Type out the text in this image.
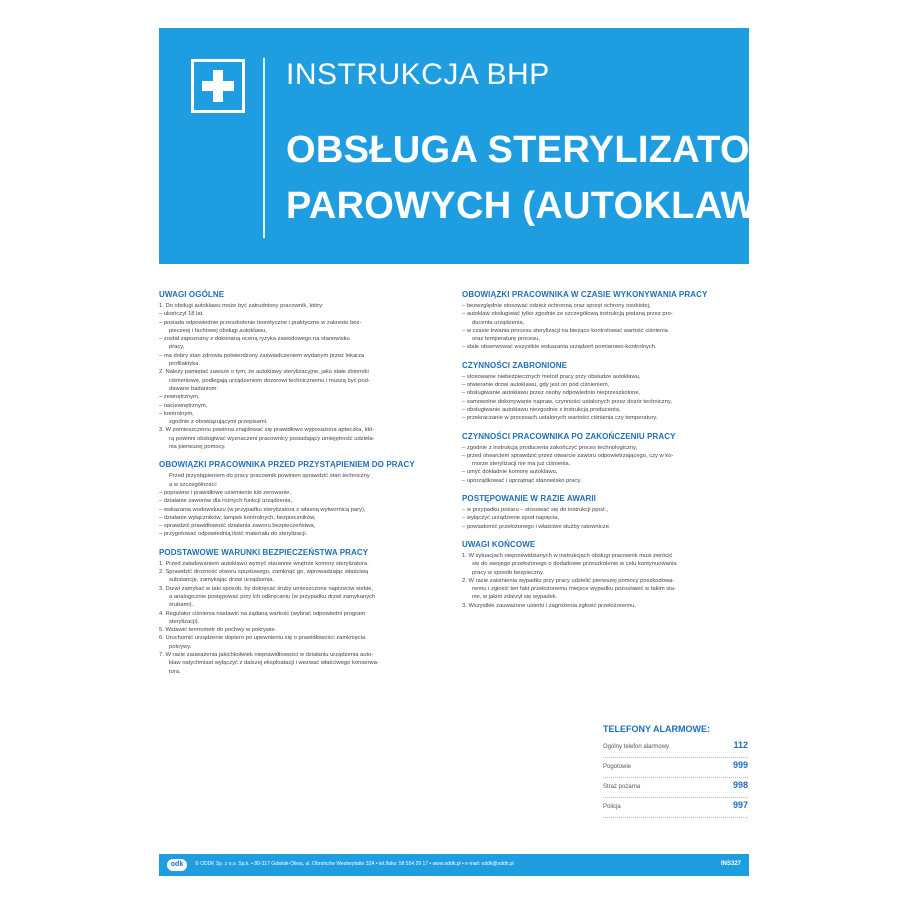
INSTRUKCJA BHP
OBSŁUGA STERYLIZATORÓW
PAROWYCH (AUTOKLAWÓW)
UWAGI OGÓLNE
1. Do obsługi autoklawu może być zatrudniony pracownik, który:
– ukończył 18 lat,
– posiada odpowiednie przeszkolenie teoretyczne i praktyczne w zakresie bez-
pieczeej i fachowej obsługi autoklawu,
– został zapoznany z dokonaną oceną ryzyka zawodowego na stanowisku
pracy,
– ma dobry stan zdrowia potwierdzony zaświadczeniem wydanym przez lekarza
profilaktyka.
2. Należy pamiętać zawsze o tym, że autoklawy sterylizacyjne, jako stałe zbiorniki
ciśnieniowe, podlegają urządzeniom dozorowi technicznemu i muszą być pod-
dawane badaniom:
– zewnętrznym,
– naciewnętrznym,
– kontrolnym,
zgodnie z obowiązującymi przepisami.
3. W pomieszczeniu powinna znajdować się prawidłowo wyposażona apteczka, któ-
rą powinni obsługiwać wyznaczeni pracownicy posiadający umiejętność udziela-
nia pierwszej pomocy.
OBOWIĄZKI PRACOWNIKA PRZED PRZYSTĄPIENIEM DO PRACY
Przed przystąpieniem do pracy pracownik powinien sprawdzić stan techniczny
a w szczególności:
– poprawne i prawidłowe uziemienie lub zerowanie,
– działanie zaworów dla różnych funkcji urządzenia,
– wskazania wodowskazu (w przypadku sterylizatora z własną wytwornicą pary),
– działanie wyłączników, lampek kontrolnych, bezpieczników,
– sprawdzić prawidłowość działania zaworu bezpieczeństwa,
– przygotować odpowiednią ilość materiału do sterylizacji.
PODSTAWOWE WARUNKI BEZPIECZEŃSTWA PRACY
1. Przed załadowaniem autoklawu wymyć starannie wnętrze komory sterylizatora.
2. Sprawdzić drożność otworu spustowego, zamknąć go, wprowadzając właściwą
substancję, zamykając drzwi urządzenia.
3. Drzwi zamykać w taki sposób, by dokręcać śruby umieszczone naprzeciw siebie,
a analogicznie postępować przy ich odkręcaniu (w przypadku drzwi zamykanych
śrubami).
4. Regulator ciśnienia nastawić na żądaną wartość (wybrać odpowiedni program
sterylizacji).
5. Wstawić termometr do pochwy w pokrywie.
6. Uruchomić urządzenie dopiero po upewnieniu się o prawidłowości zamknięcia
pokrywy.
7. W razie zauważenia jakichkolwiek nieprawidłowości w działaniu urządzenia auto-
klaw natychmiast wyłączyć z dalszej eksploatacji i wezwać właściwego konserwa-
tora.
OBOWIĄZKI PRACOWNIKA W CZASIE WYKONYWANIA PRACY
– bezwzględnie stosować odzież ochronną oraz sprzęt ochrony osobistej,
– autoklaw obsługiwać tylko zgodnie ze szczegółową instrukcją podaną przez pro-
ducenta urządzenia,
– w czasie trwania procesu sterylizacji na bieżąco kontrolować wartość ciśnienia
oraz temperaturę procesu,
– stale obserwować wszystkie wskazania urządzeń pomiarowo-kontrolnych.
CZYNNOŚCI ZABRONIONE
– stosowanie niebezpiecznych metod pracy przy obsłudze autoklawu,
– otwieranie drzwi autoklawu, gdy jest on pod ciśnieniem,
– obsługiwanie autoklawu przez osoby odpowiednio nieprzeszkolone,
– samowolne dokonywanie napraw, czynności ustalonych przez dozór techniczny,
– obsługiwanie autoklawu niezgodnie z instrukcją producenta,
– przekraczanie w procesach ustalonych wartości ciśnienia czy temperatury.
CZYNNOŚCI PRACOWNIKA PO ZAKOŃCZENIU PRACY
– zgodnie z instrukcją producenta zakończyć proces technologiczny,
– przed otwarciem sprawdzić przez otwarcie zaworu odpowietrzającego, czy w ko-
morze sterylizacji nie ma już ciśnienia,
– umyć dokładnie komorę autoklawu,
– uporządkować i uprzątnąć stanowisko pracy.
POSTĘPOWANIE W RAZIE AWARII
– w przypadku pożaru – stosować się do instrukcji ppoż.,
– wyłączyć urządzenie spod napięcia,
– powiadomić przełożonego i właściwe służby ratownicze.
UWAGI KOŃCOWE
1. W sytuacjach nieprzewidzianych w instrukcjach obsługi pracownik musi zwrócić
się do swojego przełożonego o dodatkowe przeszkolenie w celu kontynuowania
pracy w sposób bezpieczny.
2. W razie zaistnienia wypadku przy pracy udzielić pierwszej pomocy poszkodowa-
nemu i zgłosić ten fakt przełożonemu miejsce wypadku pozostawić w takim sta-
nie, w jakim zdarzył się wypadek.
3. Wszystkie zauważone usterki i zagrożenia zgłosić przełożonemu.
TELEFONY ALARMOWE:
Ogólny telefon alarmowy	112
Pogotowie	999
Straż pożarna	998
Policja	997
odk	© ODDK Sp. z o.o. Sp.k. • 80-317 Gdańsk-Oliwa, ul. Obrońców Westerplatte 32A • tel./faks: 58 554 29 17 • www.oddk.pl • e-mail: oddk@oddk.pl	INS327
